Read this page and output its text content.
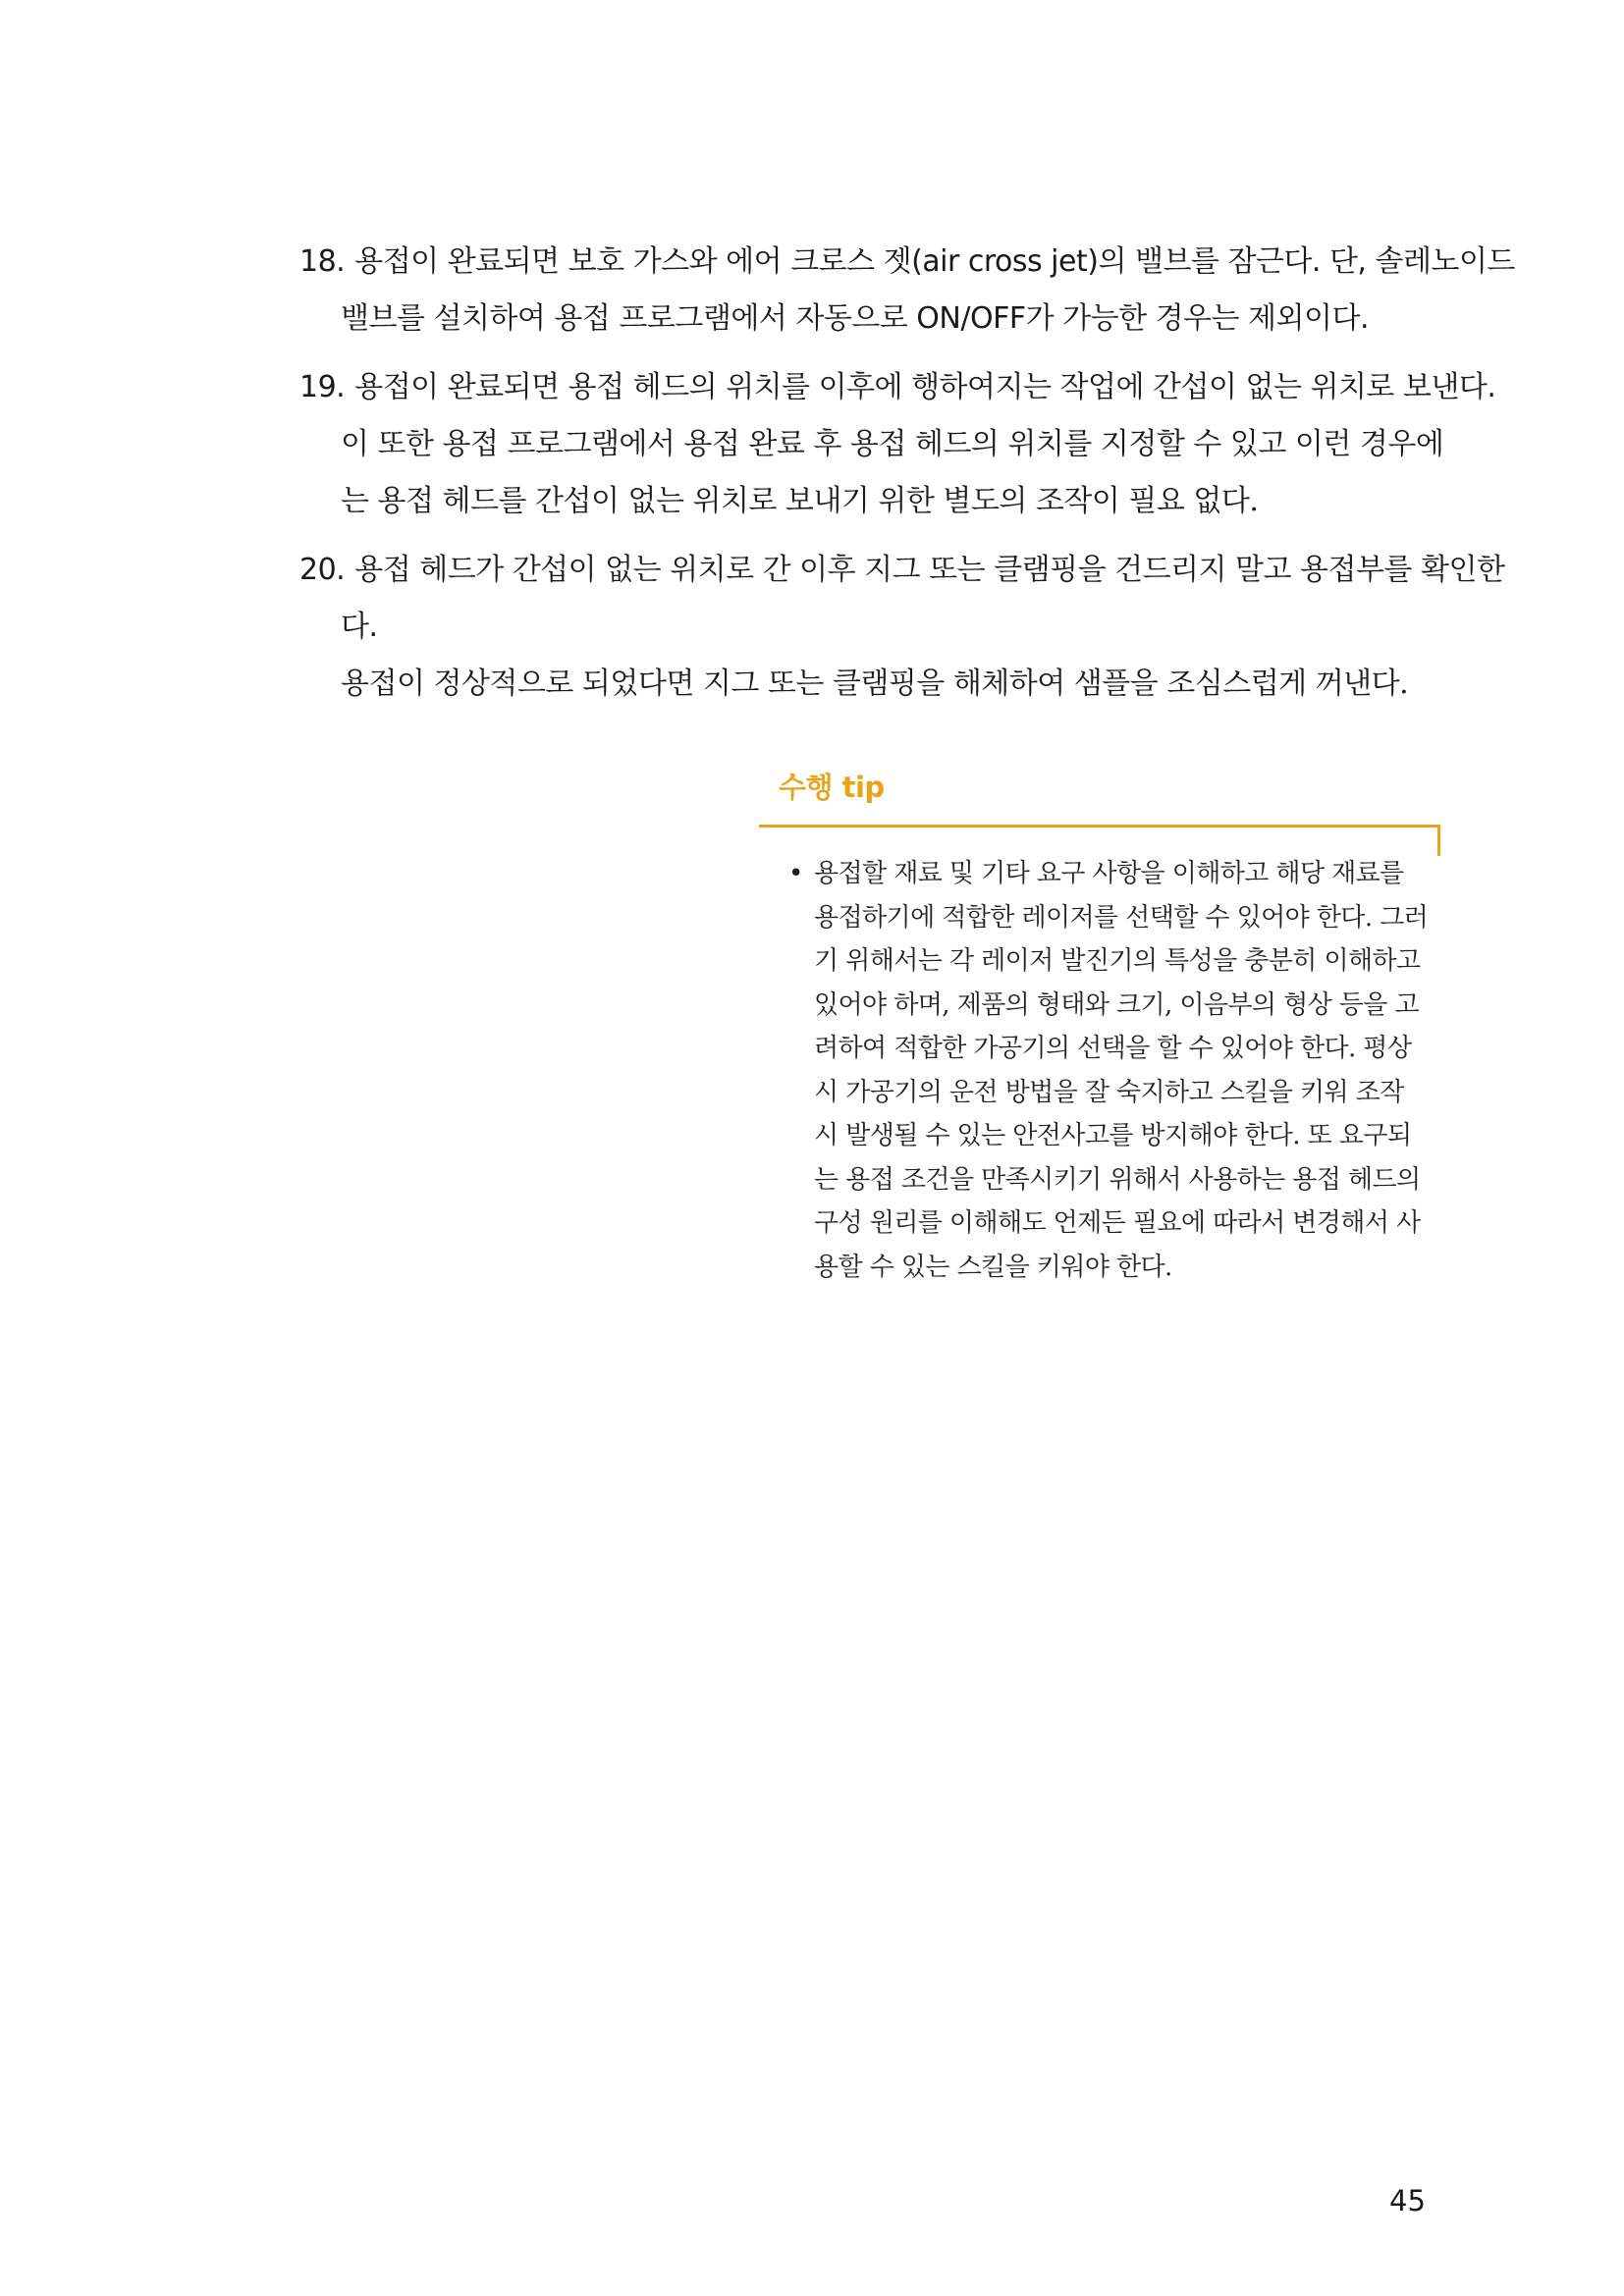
18. 용접이 완료되면 보호 가스와 에어 크로스 젯(air cross jet)의 밸브를 잠근다. 단, 솔레노이드
밸브를 설치하여 용접 프로그램에서 자동으로 ON/OFF가 가능한 경우는 제외이다.
19. 용접이 완료되면 용접 헤드의 위치를 이후에 행하여지는 작업에 간섭이 없는 위치로 보낸다.
이 또한 용접 프로그램에서 용접 완료 후 용접 헤드의 위치를 지정할 수 있고 이런 경우에
는 용접 헤드를 간섭이 없는 위치로 보내기 위한 별도의 조작이 필요 없다.
20. 용접 헤드가 간섭이 없는 위치로 간 이후 지그 또는 클램핑을 건드리지 말고 용접부를 확인한
다.
용접이 정상적으로 되었다면 지그 또는 클램핑을 해체하여 샘플을 조심스럽게 꺼낸다.
수행 tip
• 용접할 재료 및 기타 요구 사항을 이해하고 해당 재료를
용접하기에 적합한 레이저를 선택할 수 있어야 한다. 그러
기 위해서는 각 레이저 발진기의 특성을 충분히 이해하고
있어야 하며, 제품의 형태와 크기, 이음부의 형상 등을 고
려하여 적합한 가공기의 선택을 할 수 있어야 한다. 평상
시 가공기의 운전 방법을 잘 숙지하고 스킬을 키워 조작
시 발생될 수 있는 안전사고를 방지해야 한다. 또 요구되
는 용접 조건을 만족시키기 위해서 사용하는 용접 헤드의
구성 원리를 이해해도 언제든 필요에 따라서 변경해서 사
용할 수 있는 스킬을 키워야 한다.
45
